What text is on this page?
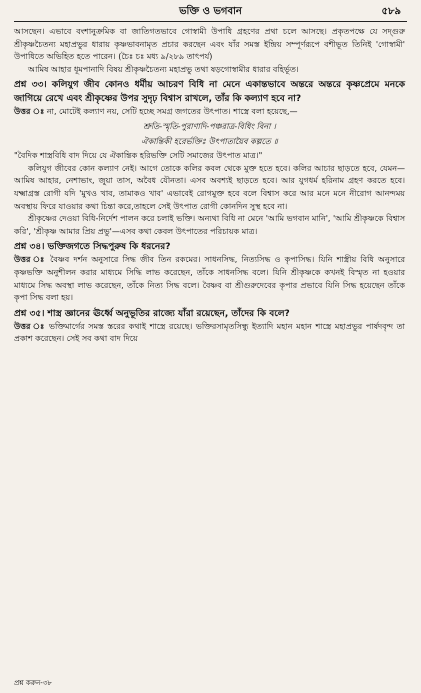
ভক্তি ও ভগবান	৫৮৯

আসছেন। এভাবে বংশানুক্রমিক বা জাতিগতভাবে গোস্বামী উপাধি গ্রহণের প্রথা চলে আসছে। প্রকৃতপক্ষে যে সদ্গুরু শ্রীকৃষ্ণচৈতন্য মহাপ্রভুর ধারায় কৃষ্ণভাবনামৃত প্রচার করছেন এবং যাঁর সমস্ত ইন্দ্রিয় সম্পূর্ণরূপে বশীভূত তিনিই 'গোস্বামী' উপাধিতে অভিহিত হতে পারেন। (চৈঃ চঃ মধ্য ৯/২৮৯ তাৎপর্য)

আমিষ আহার ধূমপানাদি বিষয় শ্রীকৃষ্ণচৈতন্য মহাপ্রভু তথা ষড়গোস্বামীর ধারার বহির্ভূত।

প্রশ্ন ৩৩। কলিযুগ জীব কোনও ধর্মীয় আচরণ বিধি না মেনে একান্তভাবে অন্তরে অন্তরে কৃষ্ণপ্রেমে মনকে জাগিয়ে রেখে এবং শ্রীকৃষ্ণের উপর সুদৃঢ় বিশ্বাস রাখলে, তাঁর কি কল্যাণ হবে না?

উত্তর ঃ না, মোটেই কল্যাণ নয়, সেটি হচ্ছে সমগ্র জগতের উৎপাত। শাস্ত্রে বলা হয়েছে,—

শ্রুতি-স্মৃতি-পুরাণাদি-পঞ্চরাত্র-বিধিং বিনা ।

ঐকান্তিকী হরের্ভক্তিঃ উৎপাতায়ৈব কল্পতে ॥

"বৈদিক শাস্ত্রবিধি বাদ দিয়ে যে ঐকান্তিক হরিভক্তি সেটি সমাজের উৎপাত মাত্র।"

কলিযুগ জীবের কোন কল্যাণ নেই। আগে তোকে কলির কবল থেকে মুক্ত হতে হবে। কলির আচার ছাড়তে হবে, যেমন—আমিষ আহার, নেশাভাং, জুয়া তাস, অবৈধ যৌনতা। এসব অবশ্যই ছাড়তে হবে। আর যুগধর্ম হরিনাম গ্রহণ করতে হবে। যক্ষ্মাগ্রস্ত রোগী যদি 'মুখও খাব, তামাকও খাব' এভাবেই রোগমুক্ত হবে বলে বিশ্বাস করে আর মনে মনে নীরোগ আনন্দময় অবস্থায় ফিরে যাওয়ার কথা চিন্তা করে,তাহলে সেই উৎপাত রোগী কোনদিন সুস্থ হবে না।

শ্রীকৃষ্ণের দেওয়া বিধি-নির্দেশ পালন করে চলাই ভক্তি। অন্যথা বিধি না মেনে 'আমি ভগবান মানি', 'আমি শ্রীকৃষ্ণকে বিশ্বাস করি', 'শ্রীকৃষ্ণ আমার প্রিয় প্রভু'—এসব কথা কেবল উৎপাতের পরিচায়ক মাত্র।

প্রশ্ন ৩৪। ভক্তিজগতে সিদ্ধপুরুষ কি ধরনের?

উত্তর ঃ বৈষ্ণব দর্শন অনুসারে সিদ্ধ জীব তিন রকমের। সাধনসিদ্ধ, নিত্যসিদ্ধ ও কৃপাসিদ্ধ। যিনি শাস্ত্রীয় বিধি অনুসারে কৃষ্ণভক্তি অনুশীলন করার মাধ্যমে সিদ্ধি লাভ করেছেন, তাঁকে সাধনসিদ্ধ বলে। যিনি শ্রীকৃষ্ণকে কখনই বিস্মৃত না হওয়ার মাধ্যমে সিদ্ধ অবস্থা লাভ করেছেন, তাঁকে নিত্য সিদ্ধ বলে। বৈষ্ণব বা শ্রীগুরুদেবের কৃপার প্রভাবে যিনি সিদ্ধ হয়েছেন তাঁকে কৃপা সিদ্ধ বলা হয়।

প্রশ্ন ৩৫। শাস্ত্র জ্ঞানের ঊর্ধ্বে অনুভূতির রাজ্যে যাঁরা রয়েছেন, তাঁদের কি বলে?

উত্তর ঃ ভক্তিমার্গের সমস্ত স্তরের কথাই শাস্ত্রে রয়েছে। ভক্তিরসামৃতসিন্ধু ইত্যাদি মহান মহান শাস্ত্রে মহাপ্রভুর পার্ষদবৃন্দ তা প্রকাশ করেছেন। সেই সব কথা বাদ দিয়ে

প্রশ্ন করুন-৩৮
